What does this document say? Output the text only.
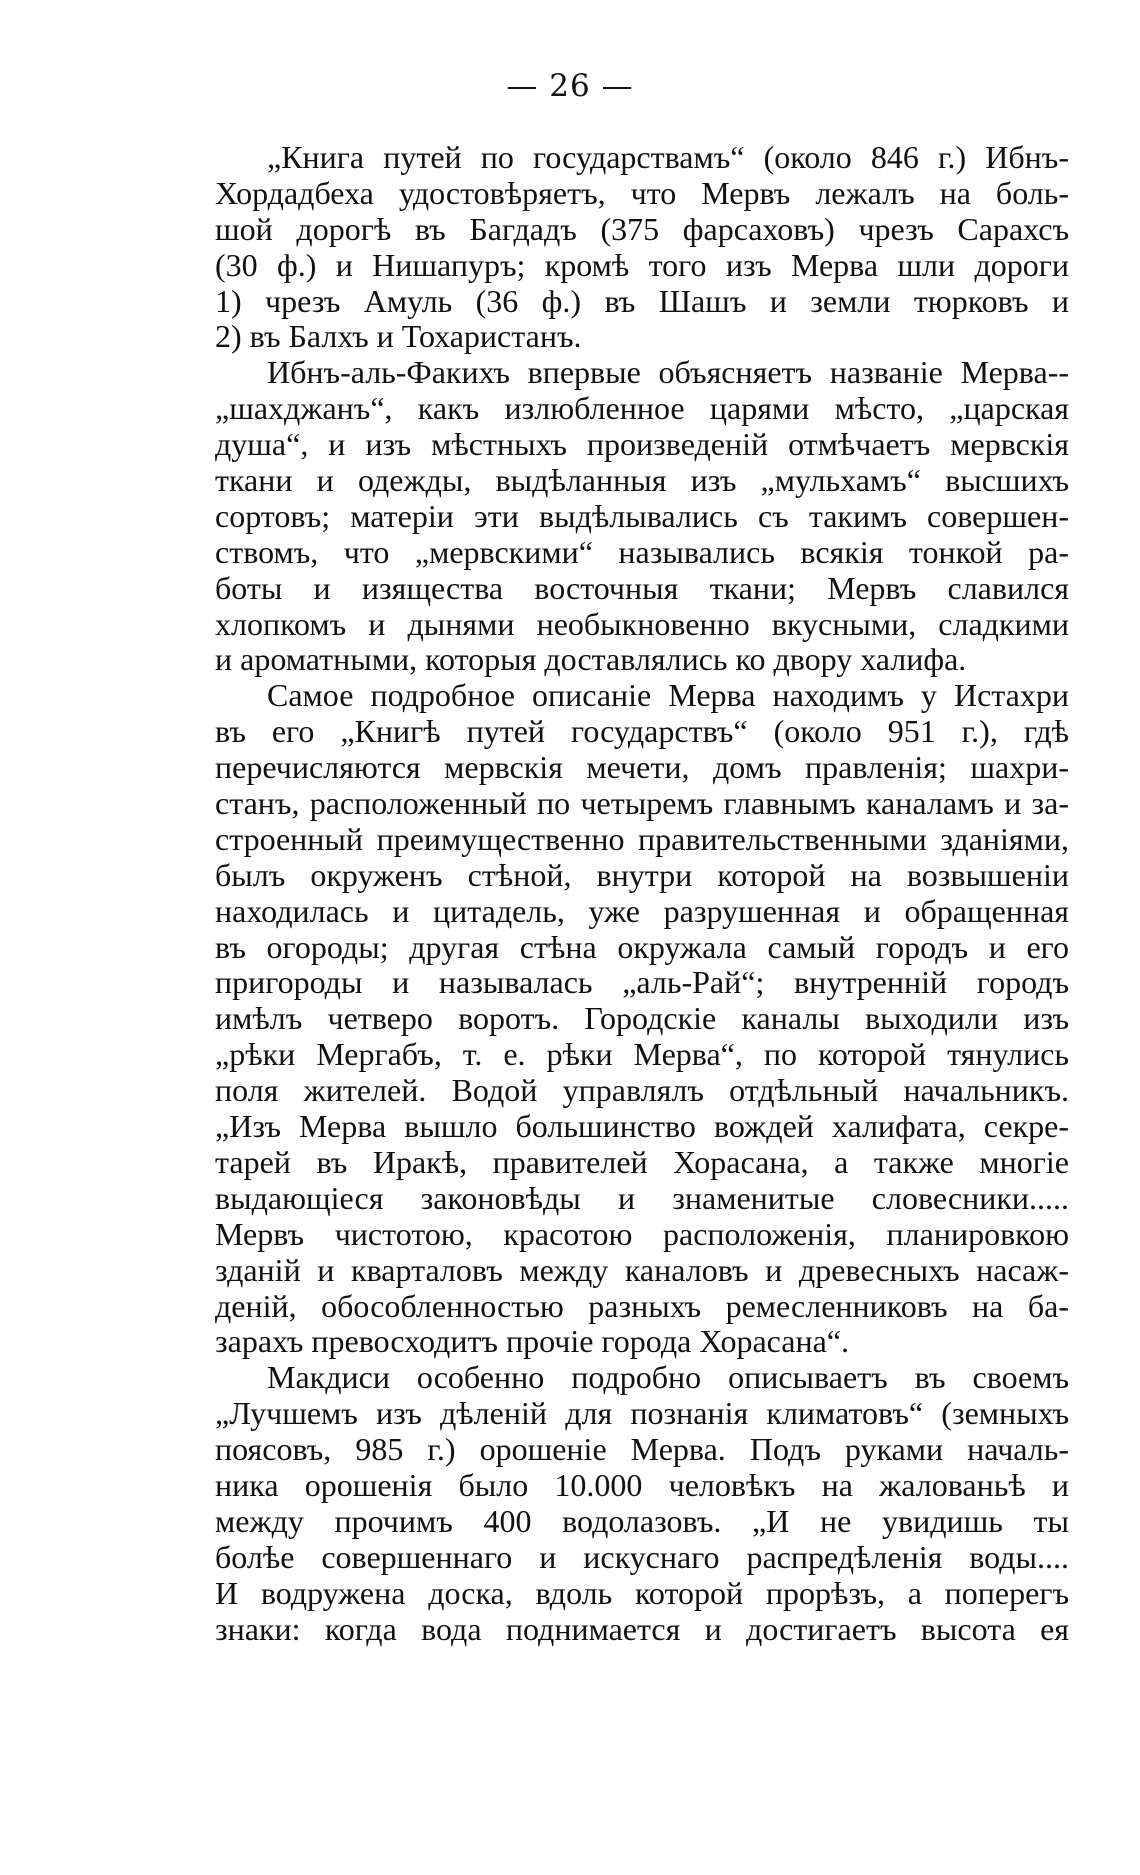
— 26 —
„Книга путей по государствамъ“ (около 846 г.) Ибнъ-
Хордадбеха удостовѣряетъ, что Мервъ лежалъ на боль-
шой дорогѣ въ Багдадъ (375 фарсаховъ) чрезъ Сарахсъ
(30 ф.) и Нишапуръ; кромѣ того изъ Мерва шли дороги
1) чрезъ Амуль (36 ф.) въ Шашъ и земли тюрковъ и
2) въ Балхъ и Тохаристанъ.
Ибнъ-аль-Факихъ впервые объясняетъ названіе Мерва--
„шахджанъ“, какъ излюбленное царями мѣсто, „царская
душа“, и изъ мѣстныхъ произведеній отмѣчаетъ мервскія
ткани и одежды, выдѣланныя изъ „мульхамъ“ высшихъ
сортовъ; матеріи эти выдѣлывались съ такимъ совершен-
ствомъ, что „мервскими“ назывались всякія тонкой ра-
боты и изящества восточныя ткани; Мервъ славился
хлопкомъ и дынями необыкновенно вкусными, сладкими
и ароматными, которыя доставлялись ко двору халифа.
Самое подробное описаніе Мерва находимъ у Истахри
въ его „Книгѣ путей государствъ“ (около 951 г.), гдѣ
перечисляются мервскія мечети, домъ правленія; шахри-
станъ, расположенный по четыремъ главнымъ каналамъ и за-
строенный преимущественно правительственными зданіями,
былъ окруженъ стѣной, внутри которой на возвышеніи
находилась и цитадель, уже разрушенная и обращенная
въ огороды; другая стѣна окружала самый городъ и его
пригороды и называлась „аль-Рай“; внутренній городъ
имѣлъ четверо воротъ. Городскіе каналы выходили изъ
„рѣки Мергабъ, т. е. рѣки Мерва“, по которой тянулись
поля жителей. Водой управлялъ отдѣльный начальникъ.
„Изъ Мерва вышло большинство вождей халифата, секре-
тарей въ Иракѣ, правителей Хорасана, а также многіе
выдающіеся законовѣды и знаменитые словесники.....
Мервъ чистотою, красотою расположенія, планировкою
зданій и кварталовъ между каналовъ и древесныхъ насаж-
деній, обособленностью разныхъ ремесленниковъ на ба-
зарахъ превосходитъ прочіе города Хорасана“.
Макдиси особенно подробно описываетъ въ своемъ
„Лучшемъ изъ дѣленій для познанія климатовъ“ (земныхъ
поясовъ, 985 г.) орошеніе Мерва. Подъ руками началь-
ника орошенія было 10.000 человѣкъ на жалованьѣ и
между прочимъ 400 водолазовъ. „И не увидишь ты
болѣе совершеннаго и искуснаго распредѣленія воды....
И водружена доска, вдоль которой прорѣзъ, а поперегъ
знаки: когда вода поднимается и достигаетъ высота ея
